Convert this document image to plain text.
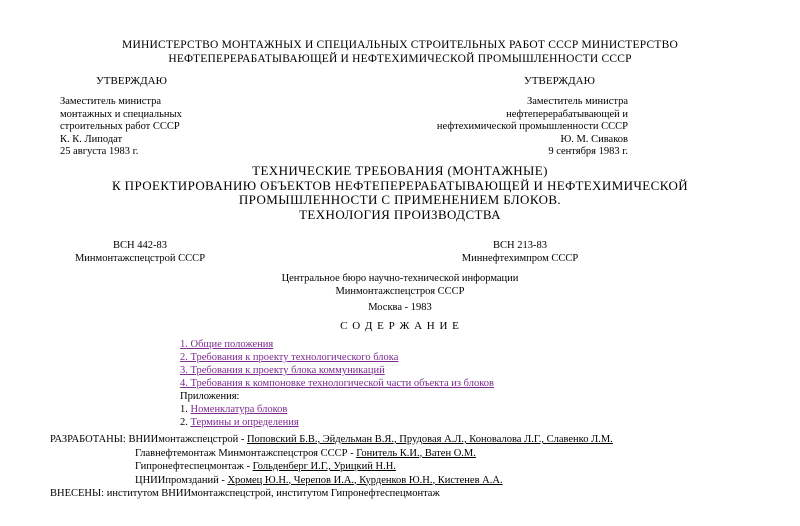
МИНИСТЕРСТВО МОНТАЖНЫХ И СПЕЦИАЛЬНЫХ СТРОИТЕЛЬНЫХ РАБОТ СССР МИНИСТЕРСТВО
НЕФТЕПЕРЕРАБАТЫВАЮЩЕЙ И НЕФТЕХИМИЧЕСКОЙ ПРОМЫШЛЕННОСТИ СССР
УТВЕРЖДАЮ
Заместитель министра
монтажных и специальных
строительных работ СССР
К. К. Липодат
25 августа 1983 г.
УТВЕРЖДАЮ
Заместитель министра
нефтеперерабатывающей и
нефтехимической промышленности СССР
Ю. М. Сиваков
9 сентября 1983 г.
ТЕХНИЧЕСКИЕ ТРЕБОВАНИЯ (МОНТАЖНЫЕ)
К ПРОЕКТИРОВАНИЮ ОБЪЕКТОВ НЕФТЕПЕРЕРАБАТЫВАЮЩЕЙ И НЕФТЕХИМИЧЕСКОЙ
ПРОМЫШЛЕННОСТИ С ПРИМЕНЕНИЕМ БЛОКОВ.
ТЕХНОЛОГИЯ ПРОИЗВОДСТВА
ВСН 442-83
Минмонтажспецстрой СССР
ВСН 213-83
Миннефтехимпром СССР
Центральное бюро научно-технической информации
Минмонтажспецстроя СССР
Москва - 1983
С О Д Е Р Ж А Н И Е
1. Общие положения
2. Требования к проекту технологического блока
3. Требования к проекту блока коммуникаций
4. Требования к компоновке технологической части объекта из блоков
Приложения:
1. Номенклатура блоков
2. Термины и определения
РАЗРАБОТАНЫ: ВНИИмонтажспецстрой - Поповский Б.В., Эйдельман В.Я., Прудовая А.Л., Коновалова Л.Г., Славенко Л.М.
Главнефтемонтаж Минмонтажспецстроя СССР - Гонитель К.И., Ватен О.М.
Гипронефтеспецмонтаж - Гольденберг И.Г., Урицкий Н.Н.
ЦНИИпромзданий - Хромец Ю.Н., Черепов И.А., Курденков Ю.Н., Кистенев А.А.
ВНЕСЕНЫ: институтом ВНИИмонтажспецстрой, институтом Гипронефтеспецмонтаж
